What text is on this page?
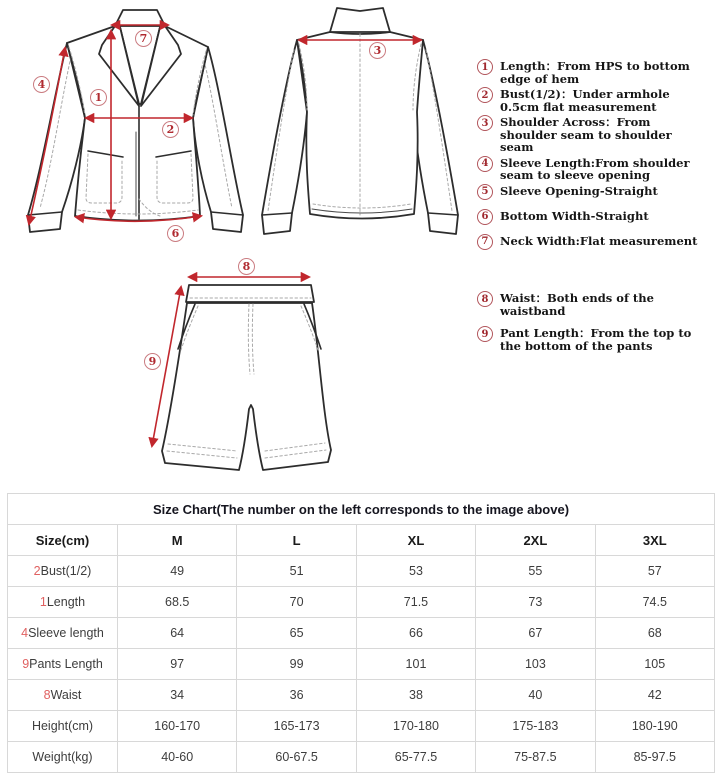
7
4
1
2
6
3
8
9
1	Length：From HPS to bottom edge of hem
2	Bust(1/2)：Under armhole 0.5cm flat measurement
3	Shoulder Across：From shoulder seam to shoulder seam
4	Sleeve Length:From shoulder seam to sleeve opening
5	Sleeve Opening-Straight
6	Bottom Width-Straight
7	Neck Width:Flat measurement
8	Waist：Both ends of the waistband
9	Pant Length：From the top to the bottom of the pants
Size Chart(The number on the left corresponds to the image above)					
Size(cm)	M	L	XL	2XL	3XL
2Bust(1/2)	49	51	53	55	57
1Length	68.5	70	71.5	73	74.5
4Sleeve length	64	65	66	67	68
9Pants Length	97	99	101	103	105
8Waist	34	36	38	40	42
Height(cm)	160-170	165-173	170-180	175-183	180-190
Weight(kg)	40-60	60-67.5	65-77.5	75-87.5	85-97.5
